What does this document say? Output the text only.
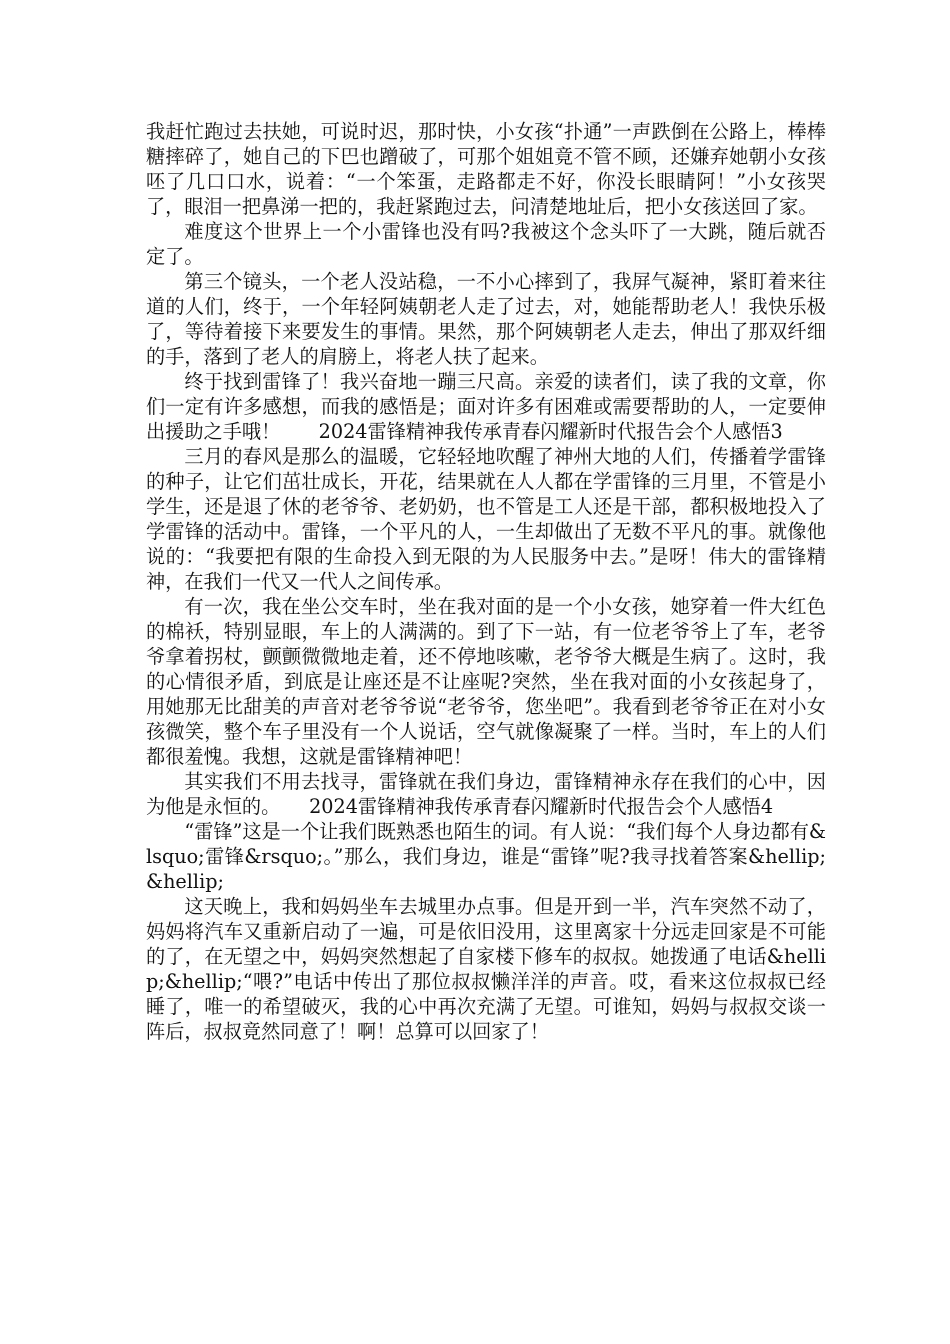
我赶忙跑过去扶她，可说时迟，那时快，小女孩“扑通”一声跌倒在公路上，棒棒糖摔碎了，她自己的下巴也蹭破了，可那个姐姐竟不管不顾，还嫌弃她朝小女孩呸了几口口水，说着：“一个笨蛋，走路都走不好，你没长眼睛阿！”小女孩哭了，眼泪一把鼻涕一把的，我赶紧跑过去，问清楚地址后，把小女孩送回了家。

难度这个世界上一个小雷锋也没有吗?我被这个念头吓了一大跳，随后就否定了。

第三个镜头，一个老人没站稳，一不小心摔到了，我屏气凝神，紧盯着来往道的人们，终于，一个年轻阿姨朝老人走了过去，对，她能帮助老人！我快乐极了，等待着接下来要发生的事情。果然，那个阿姨朝老人走去，伸出了那双纤细的手，落到了老人的肩膀上，将老人扶了起来。

终于找到雷锋了！我兴奋地一蹦三尺高。亲爱的读者们，读了我的文章，你们一定有许多感想，而我的感悟是；面对许多有困难或需要帮助的人，一定要伸出援助之手哦！　　2024雷锋精神我传承青春闪耀新时代报告会个人感悟3

三月的春风是那么的温暖，它轻轻地吹醒了神州大地的人们，传播着学雷锋的种子，让它们茁壮成长，开花，结果就在人人都在学雷锋的三月里，不管是小学生，还是退了休的老爷爷、老奶奶，也不管是工人还是干部，都积极地投入了学雷锋的活动中。雷锋，一个平凡的人，一生却做出了无数不平凡的事。就像他说的：“我要把有限的生命投入到无限的为人民服务中去。”是呀！伟大的雷锋精神，在我们一代又一代人之间传承。

有一次，我在坐公交车时，坐在我对面的是一个小女孩，她穿着一件大红色的棉袄，特别显眼，车上的人满满的。到了下一站，有一位老爷爷上了车，老爷爷拿着拐杖，颤颤微微地走着，还不停地咳嗽，老爷爷大概是生病了。这时，我的心情很矛盾，到底是让座还是不让座呢?突然，坐在我对面的小女孩起身了，用她那无比甜美的声音对老爷爷说“老爷爷，您坐吧”。我看到老爷爷正在对小女孩微笑，整个车子里没有一个人说话，空气就像凝聚了一样。当时，车上的人们都很羞愧。我想，这就是雷锋精神吧！

其实我们不用去找寻，雷锋就在我们身边，雷锋精神永存在我们的心中，因为他是永恒的。　　2024雷锋精神我传承青春闪耀新时代报告会个人感悟4

“雷锋”这是一个让我们既熟悉也陌生的词。有人说：“我们每个人身边都有&lsquo;雷锋&rsquo;。”那么，我们身边，谁是“雷锋”呢?我寻找着答案&hellip;&hellip;

这天晚上，我和妈妈坐车去城里办点事。但是开到一半，汽车突然不动了，妈妈将汽车又重新启动了一遍，可是依旧没用，这里离家十分远走回家是不可能的了，在无望之中，妈妈突然想起了自家楼下修车的叔叔。她拨通了电话&hellip;&hellip;“喂?”电话中传出了那位叔叔懒洋洋的声音。哎，看来这位叔叔已经睡了，唯一的希望破灭，我的心中再次充满了无望。可谁知，妈妈与叔叔交谈一阵后，叔叔竟然同意了！啊！总算可以回家了！
